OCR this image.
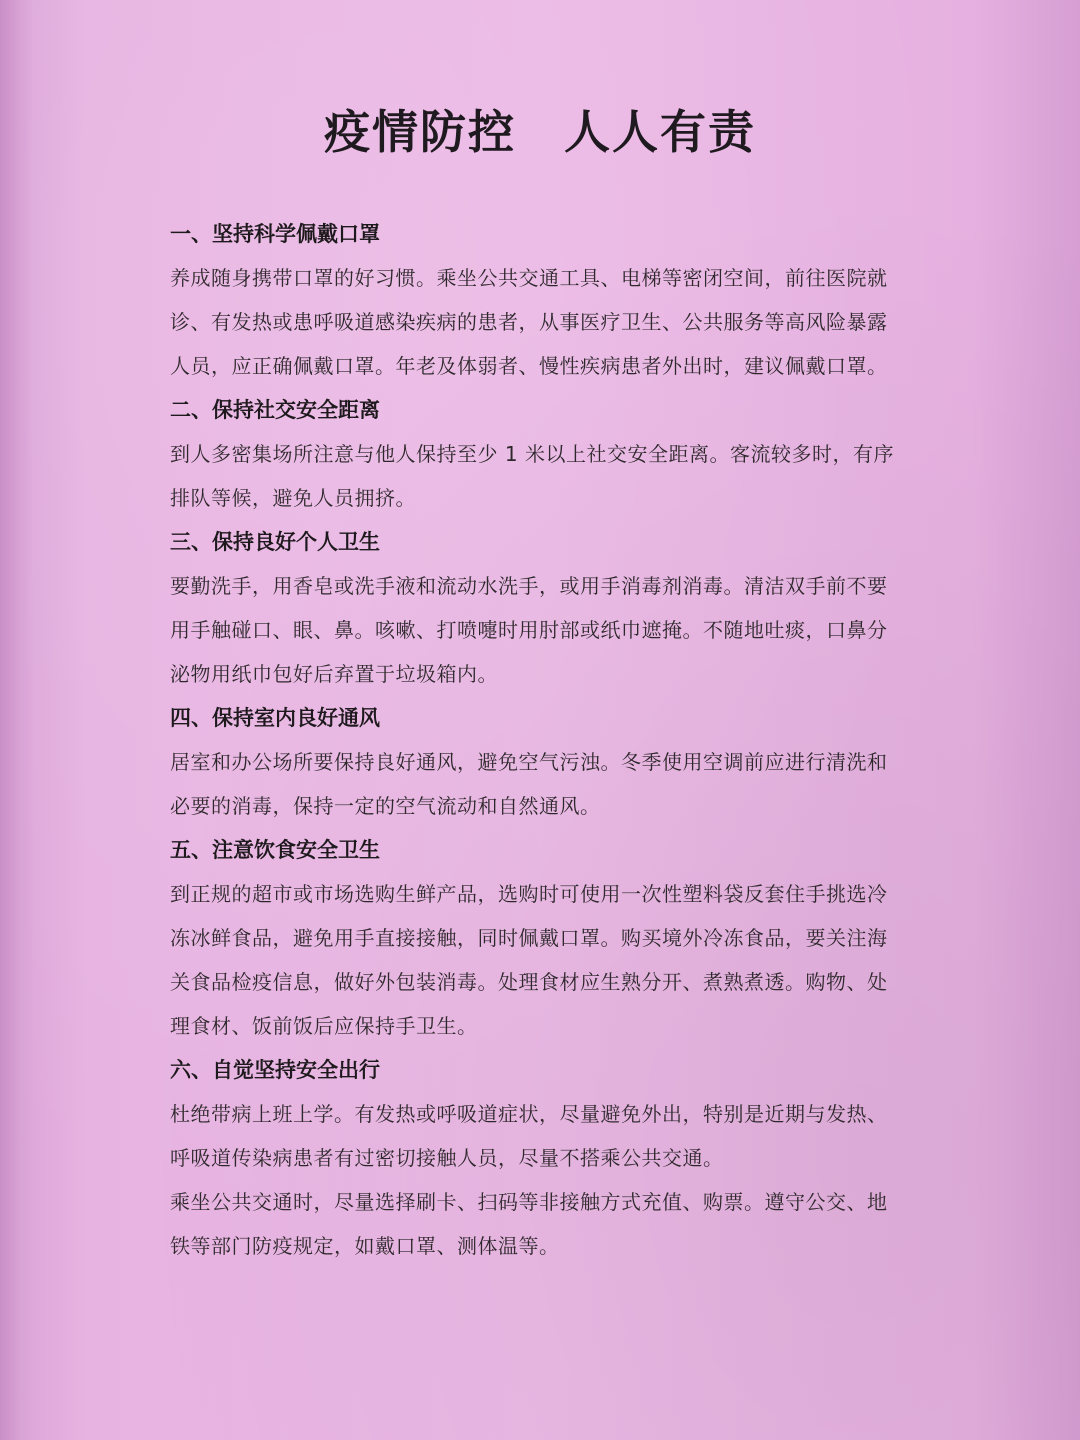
疫情防控　人人有责
一、坚持科学佩戴口罩
养成随身携带口罩的好习惯。乘坐公共交通工具、电梯等密闭空间，前往医院就
诊、有发热或患呼吸道感染疾病的患者，从事医疗卫生、公共服务等高风险暴露
人员，应正确佩戴口罩。年老及体弱者、慢性疾病患者外出时，建议佩戴口罩。
二、保持社交安全距离
到人多密集场所注意与他人保持至少 1 米以上社交安全距离。客流较多时，有序
排队等候，避免人员拥挤。
三、保持良好个人卫生
要勤洗手，用香皂或洗手液和流动水洗手，或用手消毒剂消毒。清洁双手前不要
用手触碰口、眼、鼻。咳嗽、打喷嚏时用肘部或纸巾遮掩。不随地吐痰，口鼻分
泌物用纸巾包好后弃置于垃圾箱内。
四、保持室内良好通风
居室和办公场所要保持良好通风，避免空气污浊。冬季使用空调前应进行清洗和
必要的消毒，保持一定的空气流动和自然通风。
五、注意饮食安全卫生
到正规的超市或市场选购生鲜产品，选购时可使用一次性塑料袋反套住手挑选冷
冻冰鲜食品，避免用手直接接触，同时佩戴口罩。购买境外冷冻食品，要关注海
关食品检疫信息，做好外包装消毒。处理食材应生熟分开、煮熟煮透。购物、处
理食材、饭前饭后应保持手卫生。
六、自觉坚持安全出行
杜绝带病上班上学。有发热或呼吸道症状，尽量避免外出，特别是近期与发热、
呼吸道传染病患者有过密切接触人员，尽量不搭乘公共交通。
乘坐公共交通时，尽量选择刷卡、扫码等非接触方式充值、购票。遵守公交、地
铁等部门防疫规定，如戴口罩、测体温等。
